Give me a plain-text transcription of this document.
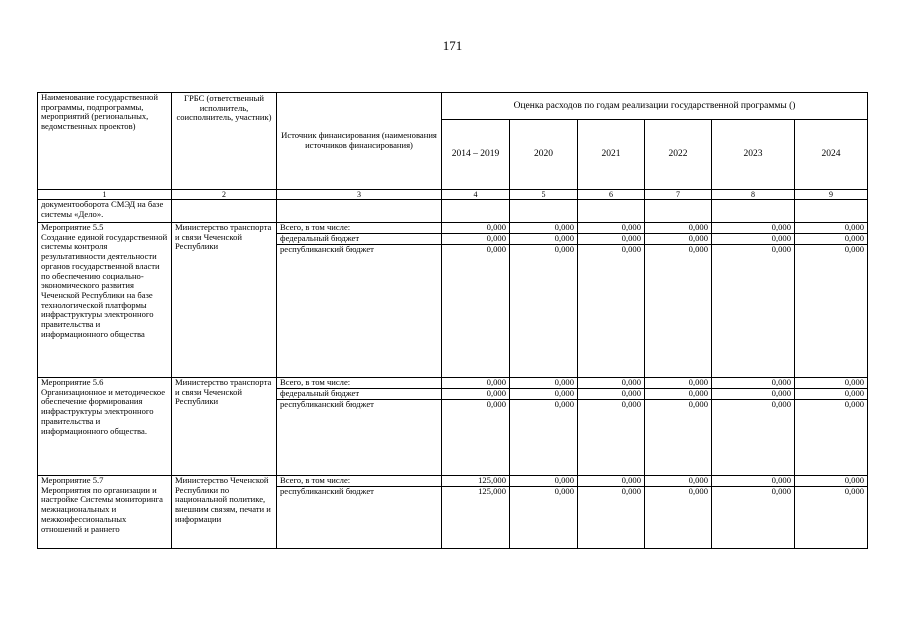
171
Наименование государственной программы, подпрограммы, мероприятий (региональных, ведомственных проектов)	ГРБС (ответственный исполнитель, соисполнитель, участник)	Источник финансирования (наименования источников финансирования)	Оценка расходов по годам реализации государственной программы ()					
			2014 – 2019	2020	2021	2022	2023	2024
1	2	3	4	5	6	7	8	9
документооборота СМЭД на базе системы «Дело».								
Мероприятие 5.5
Создание единой государственной системы контроля результативности деятельности органов государственной власти по обеспечению социально-экономического развития Чеченской Республики на базе технологической платформы инфраструктуры электронного правительства и информационного общества	Министерство транспорта и связи Чеченской Республики	Всего, в том числе:	0,000	0,000	0,000	0,000	0,000	0,000
		федеральный бюджет	0,000	0,000	0,000	0,000	0,000	0,000
		республиканский бюджет	0,000	0,000	0,000	0,000	0,000	0,000
Мероприятие 5.6
Организационное и методическое обеспечение формирования инфраструктуры электронного правительства и информационного общества.	Министерство транспорта и связи Чеченской Республики	Всего, в том числе:	0,000	0,000	0,000	0,000	0,000	0,000
		федеральный бюджет	0,000	0,000	0,000	0,000	0,000	0,000
		республиканский бюджет	0,000	0,000	0,000	0,000	0,000	0,000
Мероприятие 5.7
Мероприятия по организации и настройке Системы мониторинга межнациональных и межконфессиональных отношений и раннего	Министерство Чеченской Республики по национальной политике, внешним связям, печати и информации	Всего, в том числе:	125,000	0,000	0,000	0,000	0,000	0,000
		республиканский бюджет	125,000	0,000	0,000	0,000	0,000	0,000
